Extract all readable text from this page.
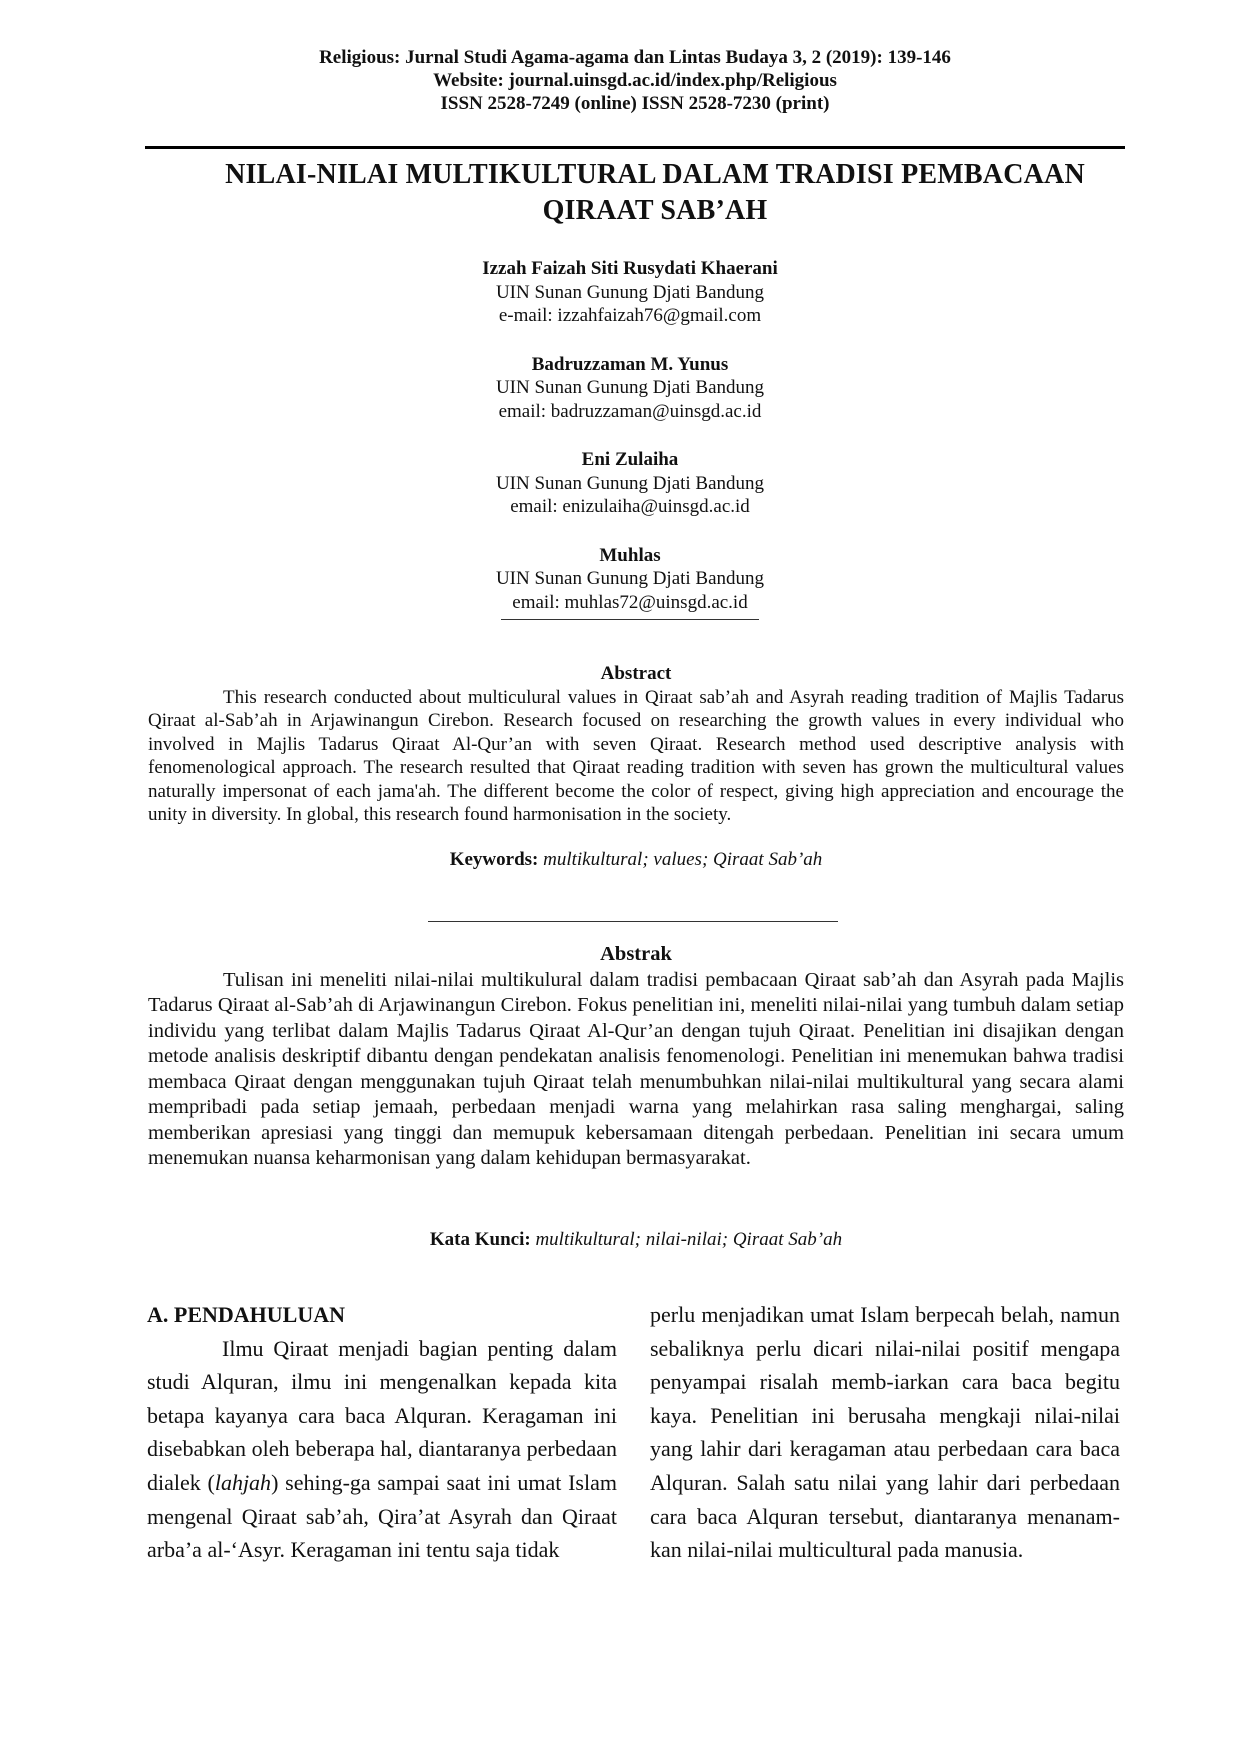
Religious: Jurnal Studi Agama-agama dan Lintas Budaya 3, 2 (2019): 139-146
Website: journal.uinsgd.ac.id/index.php/Religious
ISSN 2528-7249 (online) ISSN 2528-7230 (print)
NILAI-NILAI MULTIKULTURAL DALAM TRADISI PEMBACAAN
QIRAAT SAB’AH
Izzah Faizah Siti Rusydati Khaerani
UIN Sunan Gunung Djati Bandung
e-mail: izzahfaizah76@gmail.com
Badruzzaman M. Yunus
UIN Sunan Gunung Djati Bandung
email: badruzzaman@uinsgd.ac.id
Eni Zulaiha
UIN Sunan Gunung Djati Bandung
email: enizulaiha@uinsgd.ac.id
Muhlas
UIN Sunan Gunung Djati Bandung
email: muhlas72@uinsgd.ac.id
Abstract

This research conducted about multiculural values in Qiraat sab’ah and Asyrah reading tradition of Majlis Tadarus Qiraat al-Sab’ah in Arjawinangun Cirebon. Research focused on researching the growth values in every individual who involved in Majlis Tadarus Qiraat Al-Qur’an with seven Qiraat. Research method used descriptive analysis with fenomenological approach. The research resulted that Qiraat reading tradition with seven has grown the multicultural values naturally impersonat of each jama'ah. The different become the color of respect, giving high appreciation and encourage the unity in diversity. In global, this research found harmonisation in the society.

Keywords: multikultural; values; Qiraat Sab’ah
Abstrak

Tulisan ini meneliti nilai-nilai multikulural dalam tradisi pembacaan Qiraat sab’ah dan Asyrah pada Majlis Tadarus Qiraat al-Sab’ah di Arjawinangun Cirebon. Fokus penelitian ini, meneliti nilai-nilai yang tumbuh dalam setiap individu yang terlibat dalam Majlis Tadarus Qiraat Al-Qur’an dengan tujuh Qiraat. Penelitian ini disajikan dengan metode analisis deskriptif dibantu dengan pendekatan analisis fenomenologi. Penelitian ini menemukan bahwa tradisi membaca Qiraat dengan menggunakan tujuh Qiraat telah menumbuhkan nilai-nilai multikultural yang secara alami mempribadi pada setiap jemaah, perbedaan menjadi warna yang melahirkan rasa saling menghargai, saling memberikan apresiasi yang tinggi dan memupuk kebersamaan ditengah perbedaan. Penelitian ini secara umum menemukan nuansa keharmonisan yang dalam kehidupan bermasyarakat.

Kata Kunci: multikultural; nilai-nilai; Qiraat Sab’ah
A. PENDAHULUAN

Ilmu Qiraat menjadi bagian penting dalam studi Alquran, ilmu ini mengenalkan kepada kita betapa kayanya cara baca Alquran. Keragaman ini disebabkan oleh beberapa hal, diantaranya perbedaan dialek (lahjah) sehing-ga sampai saat ini umat Islam mengenal Qiraat sab’ah, Qira’at Asyrah dan Qiraat arba’a al-‘Asyr. Keragaman ini tentu saja tidak

perlu menjadikan umat Islam berpecah belah, namun sebaliknya perlu dicari nilai-nilai positif mengapa penyampai risalah memb-iarkan cara baca begitu kaya. Penelitian ini berusaha mengkaji nilai-nilai yang lahir dari keragaman atau perbedaan cara baca Alquran. Salah satu nilai yang lahir dari perbedaan cara baca Alquran tersebut, diantaranya menanam-kan nilai-nilai multicultural pada manusia.
